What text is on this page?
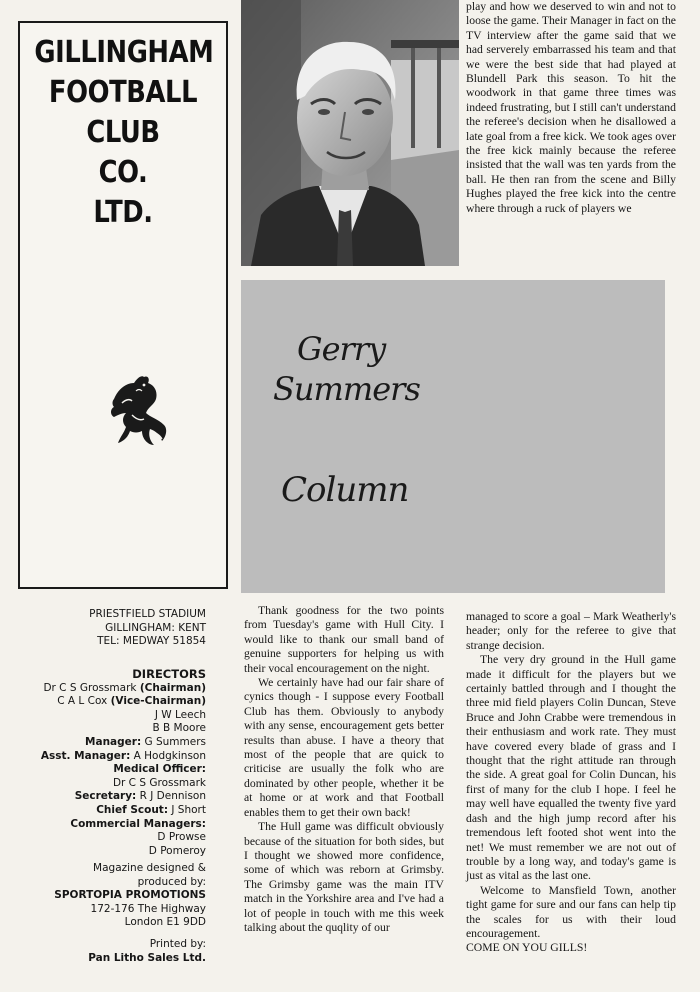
GILLINGHAM
FOOTBALL
CLUB
CO.
LTD.

play and how we deserved to win and not to loose the game. Their Manager in fact on the TV interview after the game said that we had serverely embarrassed his team and that we were the best side that had played at Blundell Park this season. To hit the woodwork in that game three times was indeed frustrating, but I still can't understand the referee's decision when he disallowed a late goal from a free kick. We took ages over the free kick mainly because the referee insisted that the wall was ten yards from the ball. He then ran from the scene and Billy Hughes played the free kick into the centre where through a ruck of players we

Gerry
Summers
Column
PRIESTFIELD STADIUM
GILLINGHAM: KENT
TEL: MEDWAY 51854
DIRECTORS
Dr C S Grossmark (Chairman)
C A L Cox (Vice-Chairman)
J W Leech
B B Moore
Manager: G Summers
Asst. Manager: A Hodgkinson
Medical Officer:
Dr C S Grossmark
Secretary: R J Dennison
Chief Scout: J Short
Commercial Managers:
D Prowse
D Pomeroy
Magazine designed &
produced by:
SPORTOPIA PROMOTIONS
172-176 The Highway
London E1 9DD
Printed by:
Pan Litho Sales Ltd.

Thank goodness for the two points from Tuesday's game with Hull City. I would like to thank our small band of genuine supporters for helping us with their vocal encouragement on the night.

We certainly have had our fair share of cynics though - I suppose every Football Club has them. Obviously to anybody with any sense, encouragement gets better results than abuse. I have a theory that most of the people that are quick to criticise are usually the folk who are dominated by other people, whether it be at home or at work and that Football enables them to get their own back!

The Hull game was difficult obviously because of the situation for both sides, but I thought we showed more confidence, some of which was reborn at Grimsby. The Grimsby game was the main ITV match in the Yorkshire area and I've had a lot of people in touch with me this week talking about the quqlity of our

managed to score a goal – Mark Weatherly's header; only for the referee to give that strange decision.

The very dry ground in the Hull game made it difficult for the players but we certainly battled through and I thought the three mid field players Colin Duncan, Steve Bruce and John Crabbe were tremendous in their enthusiasm and work rate. They must have covered every blade of grass and I thought that the right attitude ran through the side. A great goal for Colin Duncan, his first of many for the club I hope. I feel he may well have equalled the twenty five yard dash and the high jump record after his tremendous left footed shot went into the net! We must remember we are not out of trouble by a long way, and today's game is just as vital as the last one.

Welcome to Mansfield Town, another tight game for sure and our fans can help tip the scales for us with their loud encouragement.

COME ON YOU GILLS!
